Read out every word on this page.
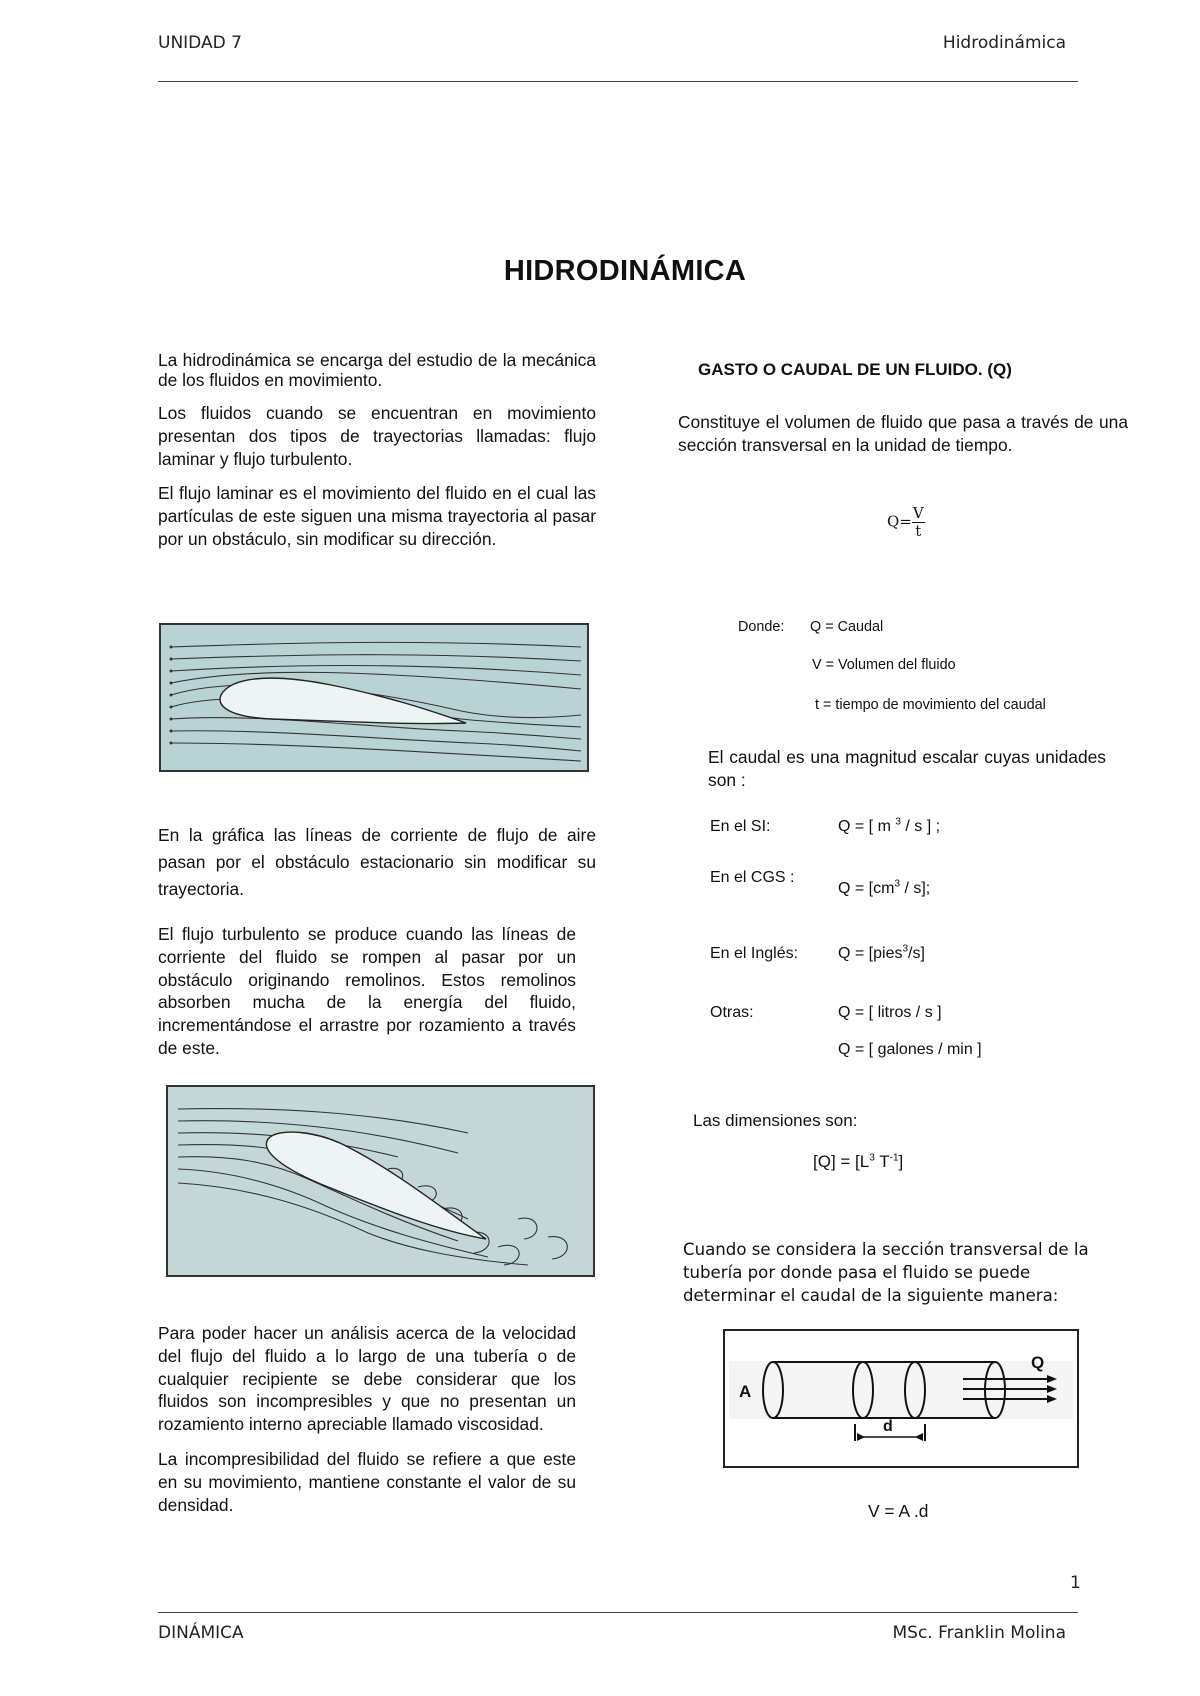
UNIDAD 7	Hidrodinámica
HIDRODINÁMICA

La hidrodinámica se encarga del estudio de la mecánica de los fluidos en movimiento.

Los fluidos cuando se encuentran en movimiento presentan dos tipos de trayectorias llamadas: flujo laminar y flujo turbulento.

El flujo laminar es el movimiento del fluido en el cual las partículas de este siguen una misma trayectoria al pasar por un obstáculo, sin modificar su dirección.

En la gráfica las líneas de corriente de flujo de aire pasan por el obstáculo estacionario sin modificar su trayectoria.

El flujo turbulento se produce cuando las líneas de corriente del fluido se rompen al pasar por un obstáculo originando remolinos. Estos remolinos absorben mucha de la energía del fluido, incrementándose el arrastre por rozamiento a través de este.

Para poder hacer un análisis acerca de la velocidad del flujo del fluido a lo largo de una tubería o de cualquier recipiente se debe considerar que los fluidos son incompresibles y que no presentan un rozamiento interno apreciable llamado viscosidad.

La incompresibilidad del fluido se refiere a que este en su movimiento, mantiene constante el valor de su densidad.

GASTO O CAUDAL DE UN FLUIDO. (Q)
Constituye el volumen de fluido que pasa a través de una sección transversal en la unidad de tiempo.
$Q= \frac{V}{t}$
Donde: Q = Caudal
V = Volumen del fluido
t = tiempo de movimiento del caudal
El caudal es una magnitud escalar cuyas unidades son :
En el SI:	Q = [ m $^3$ / s ] ;
En el CGS :
$Q = [cm^3 / s]$;
En el Inglés: Q = [pies$^3$/s]
Otras:	Q = [ litros / s ]
Q = [ galones / min ]
Las dimensiones son:
$[Q] = [L^3$ $T^{-1}$]
Cuando se considera la sección transversal de la tubería por donde pasa el fluido se puede determinar el caudal de la siguiente manera:
A
Q
d
V = A .d
1
DINÁMICA	MSc. Franklin Molina
